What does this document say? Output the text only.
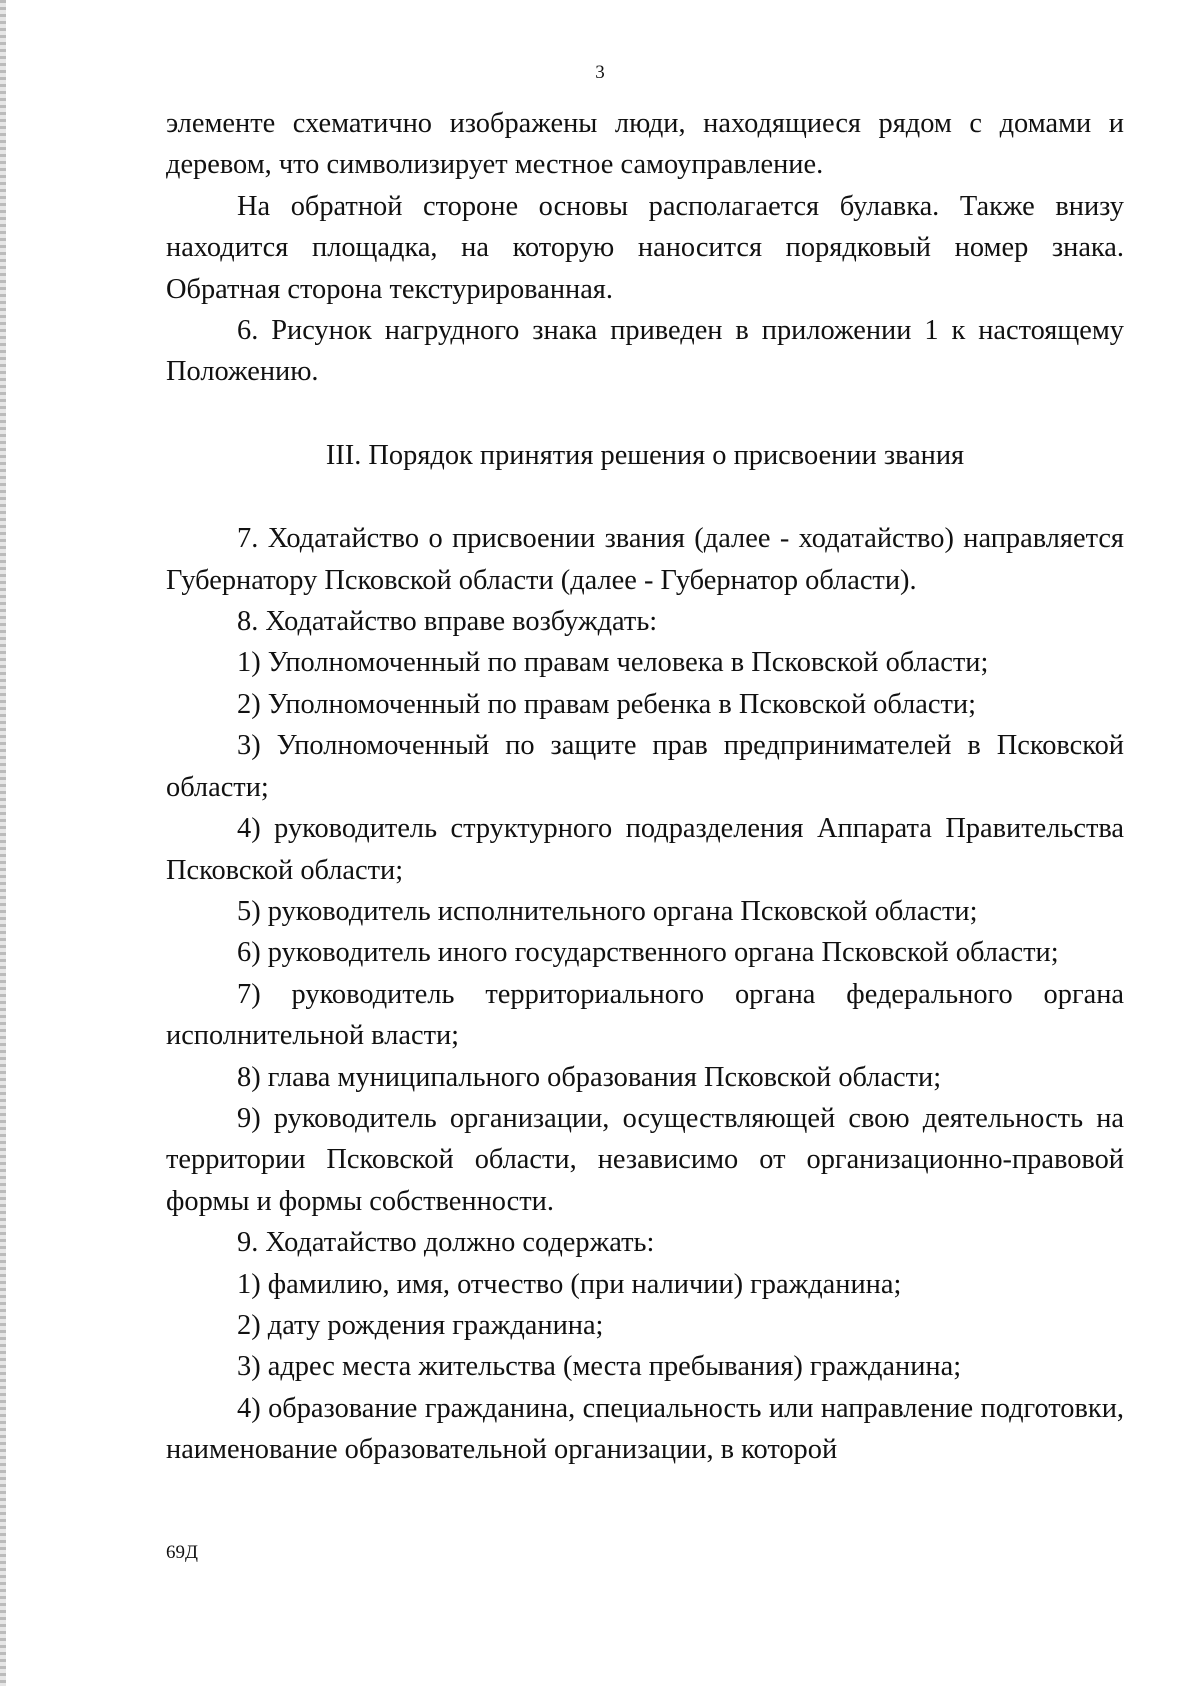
3

элементе схематично изображены люди, находящиеся рядом с домами и деревом, что символизирует местное самоуправление.

На обратной стороне основы располагается булавка. Также внизу находится площадка, на которую наносится порядковый номер знака. Обратная сторона текстурированная.

6. Рисунок нагрудного знака приведен в приложении 1 к настоящему Положению.

III. Порядок принятия решения о присвоении звания

7. Ходатайство о присвоении звания (далее - ходатайство) направляется Губернатору Псковской области (далее - Губернатор области).

8. Ходатайство вправе возбуждать:

1) Уполномоченный по правам человека в Псковской области;

2) Уполномоченный по правам ребенка в Псковской области;

3) Уполномоченный по защите прав предпринимателей в Псковской области;

4) руководитель структурного подразделения Аппарата Правительства Псковской области;

5) руководитель исполнительного органа Псковской области;

6) руководитель иного государственного органа Псковской области;

7) руководитель территориального органа федерального органа исполнительной власти;

8) глава муниципального образования Псковской области;

9) руководитель организации, осуществляющей свою деятельность на территории Псковской области, независимо от организационно-правовой формы и формы собственности.

9. Ходатайство должно содержать:

1) фамилию, имя, отчество (при наличии) гражданина;

2) дату рождения гражданина;

3) адрес места жительства (места пребывания) гражданина;

4) образование гражданина, специальность или направление подготовки, наименование образовательной организации, в которой

69Д
